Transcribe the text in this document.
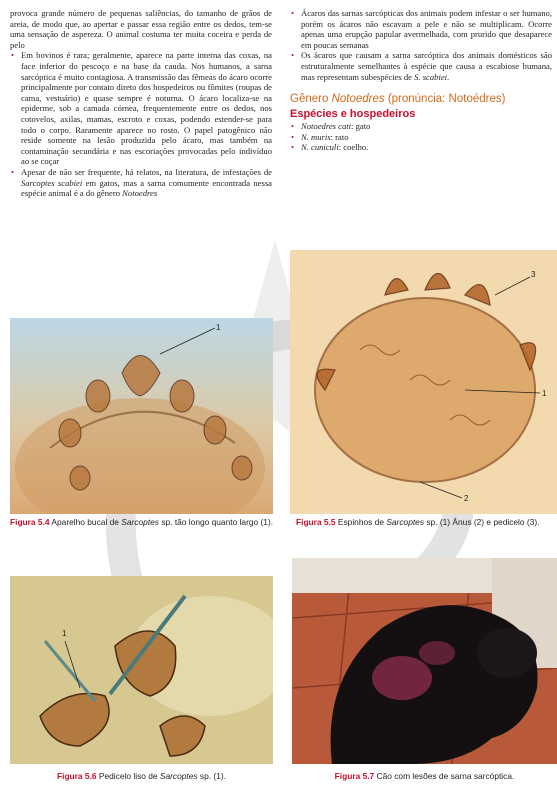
provoca grande número de pequenas saliências, do tamanho de grãos de areia, de modo que, ao apertar e passar essa região entre os dedos, tem-se uma sensação de aspereza. O animal costuma ter muita coceira e perda de pelo

• Em bovinos é rara; geralmente, aparece na parte interna das coxas, na face inferior do pescoço e na base da cauda. Nos humanos, a sarna sarcóptica é muito contagiosa. A transmissão das fêmeas do ácaro ocorre principalmente por contato direto dos hospedeiros ou fômites (roupas de cama, vestuário) e quase sempre é noturna. O ácaro localiza-se na epiderme, sob a camada córnea, frequentemente entre os dedos, nos cotovelos, axilas, mamas, escroto e coxas, podendo estender-se para todo o corpo. Raramente aparece no rosto. O papel patogênico não reside somente na lesão produzida pelo ácaro, mas também na contaminação secundária e nas escoriações provocadas pelo indivíduo ao se coçar
• Apesar de não ser frequente, há relatos, na literatura, de infestações de Sarcoptes scabiei em gatos, mas a sarna comumente encontrada nessa espécie animal é a do gênero Notoedres
• Ácaros das sarnas sarcópticas dos animais podem infestar o ser humano, porém os ácaros não escavam a pele e não se multiplicam. Ocorre apenas uma erupção papular avermelhada, com prurido que desaparece em poucas semanas
• Os ácaros que causam a sarna sarcóptica dos animais domésticos são estruturalmente semelhantes à espécie que causa a escabiose humana, mas representam subespécies de S. scabiei.
Gênero Notoedres (pronúncia: Notoédres)
Espécies e hospedeiros
• Notoedres cati: gato
• N. muris: rato
• N. cuniculi: coelho.
1
Figura 5.4 Aparelho bucal de Sarcoptes sp. tão longo quanto largo (1).
3
1
2
Figura 5.5 Espinhos de Sarcoptes sp. (1) Ânus (2) e pedicelo (3).
1
Figura 5.6 Pedicelo liso de Sarcoptes sp. (1).	Figura 5.7 Cão com lesões de sarna sarcóptica.
